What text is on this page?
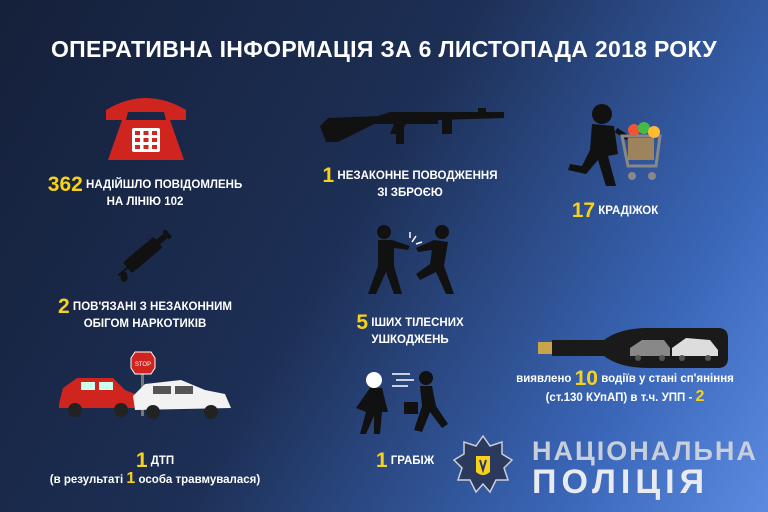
ОПЕРАТИВНА ІНФОРМАЦІЯ ЗА 6 ЛИСТОПАДА 2018 РОКУ
362 НАДІЙШЛО ПОВІДОМЛЕНЬ
НА ЛІНІЮ 102
1 НЕЗАКОННЕ ПОВОДЖЕННЯ
ЗІ ЗБРОЄЮ
17 КРАДІЖОК
2 ПОВ'ЯЗАНІ З НЕЗАКОННИМ
ОБІГОМ НАРКОТИКІВ	5 ІШИХ ТІЛЕСНИХ
УШКОДЖЕНЬ
виявлено 10 водіїв у стані сп'яніння
(ст.130 КУпАП) в т.ч. УПП - 2
STOP
1 ДТП
(в результаті 1 особа травмувалася)
1 ГРАБІЖ	НАЦІОНАЛЬНА
ПОЛІЦІЯ
